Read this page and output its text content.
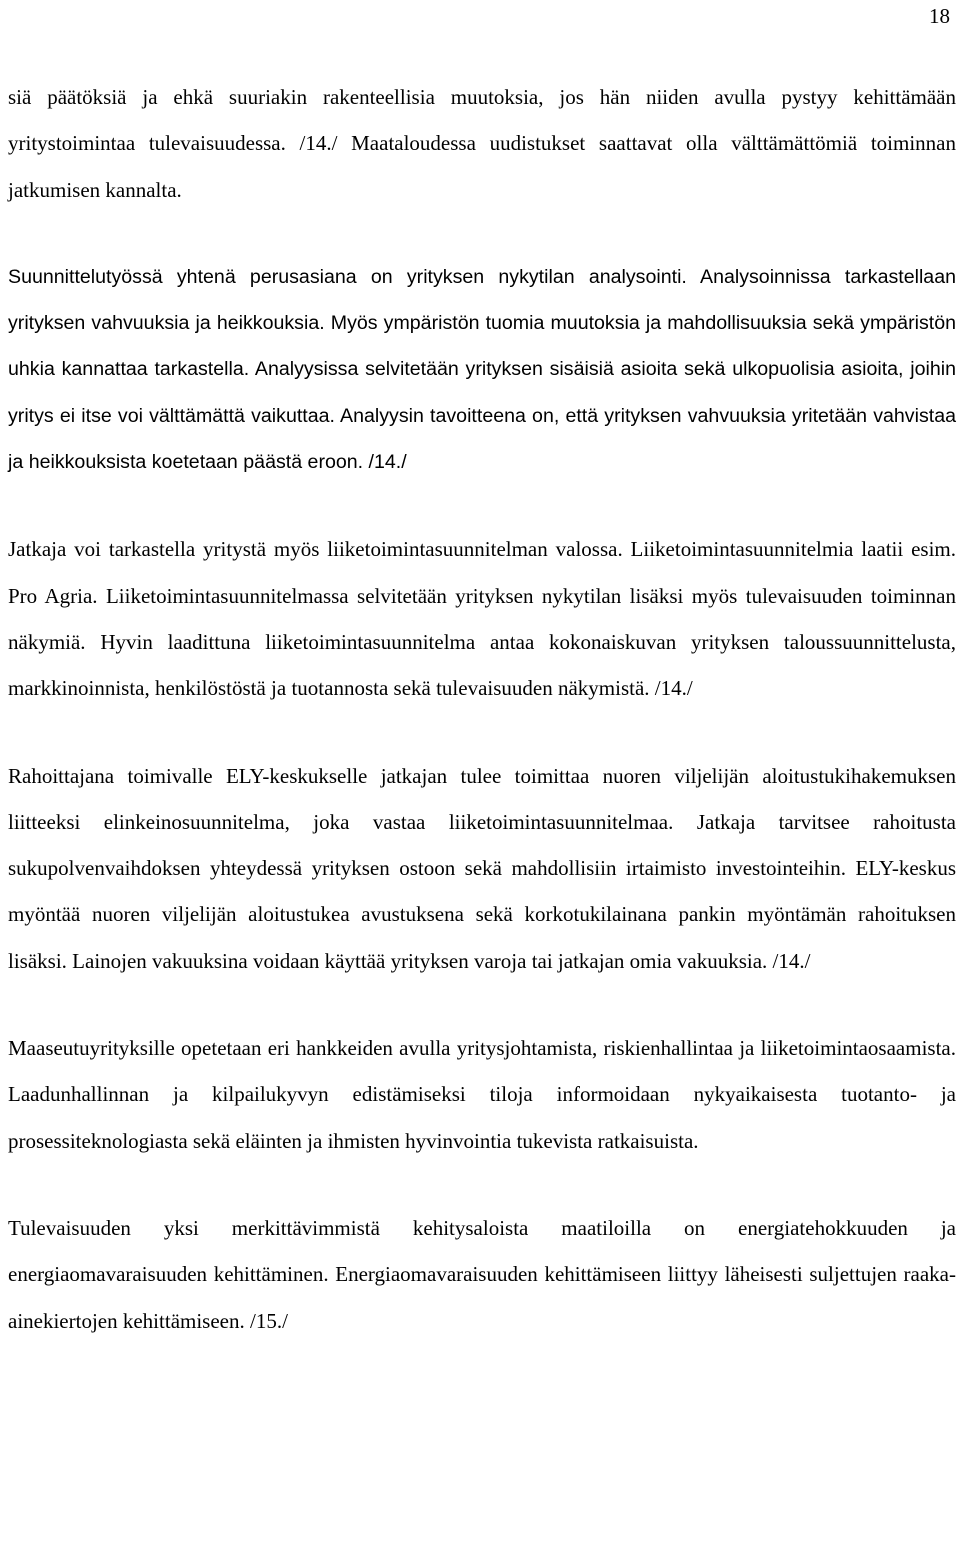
18

siä päätöksiä ja ehkä suuriakin rakenteellisia muutoksia, jos hän niiden avulla pystyy kehittämään yritystoimintaa tulevaisuudessa. /14./ Maataloudessa uudistukset saattavat olla välttämättömiä toiminnan jatkumisen kannalta.

Suunnittelutyössä yhtenä perusasiana on yrityksen nykytilan analysointi. Analysoinnissa tarkastellaan yrityksen vahvuuksia ja heikkouksia. Myös ympäristön tuomia muutoksia ja mahdollisuuksia sekä ympäristön uhkia kannattaa tarkastella. Analyysissa selvitetään yrityksen sisäisiä asioita sekä ulkopuolisia asioita, joihin yritys ei itse voi välttämättä vaikuttaa. Analyysin tavoitteena on, että yrityksen vahvuuksia yritetään vahvistaa ja heikkouksista koetetaan päästä eroon. /14./

Jatkaja voi tarkastella yritystä myös liiketoimintasuunnitelman valossa. Liiketoimintasuunnitelmia laatii esim. Pro Agria. Liiketoimintasuunnitelmassa selvitetään yrityksen nykytilan lisäksi myös tulevaisuuden toiminnan näkymiä. Hyvin laadittuna liiketoimintasuunnitelma antaa kokonaiskuvan yrityksen taloussuunnittelusta, markkinoinnista, henkilöstöstä ja tuotannosta sekä tulevaisuuden näkymistä. /14./

Rahoittajana toimivalle ELY-keskukselle jatkajan tulee toimittaa nuoren viljelijän aloitustukihakemuksen liitteeksi elinkeinosuunnitelma, joka vastaa liiketoimintasuunnitelmaa. Jatkaja tarvitsee rahoitusta sukupolvenvaihdoksen yhteydessä yrityksen ostoon sekä mahdollisiin irtaimisto investointeihin. ELY-keskus myöntää nuoren viljelijän aloitustukea avustuksena sekä korkotukilainana pankin myöntämän rahoituksen lisäksi. Lainojen vakuuksina voidaan käyttää yrityksen varoja tai jatkajan omia vakuuksia. /14./

Maaseutuyrityksille opetetaan eri hankkeiden avulla yritysjohtamista, riskienhallintaa ja liiketoimintaosaamista. Laadunhallinnan ja kilpailukyvyn edistämiseksi tiloja informoidaan nykyaikaisesta tuotanto- ja prosessiteknologiasta sekä eläinten ja ihmisten hyvinvointia tukevista ratkaisuista.

Tulevaisuuden yksi merkittävimmistä kehitysaloista maatiloilla on energiatehokkuuden ja energiaomavaraisuuden kehittäminen. Energiaomavaraisuuden kehittämiseen liittyy läheisesti suljettujen raaka-ainekiertojen kehittämiseen. /15./
